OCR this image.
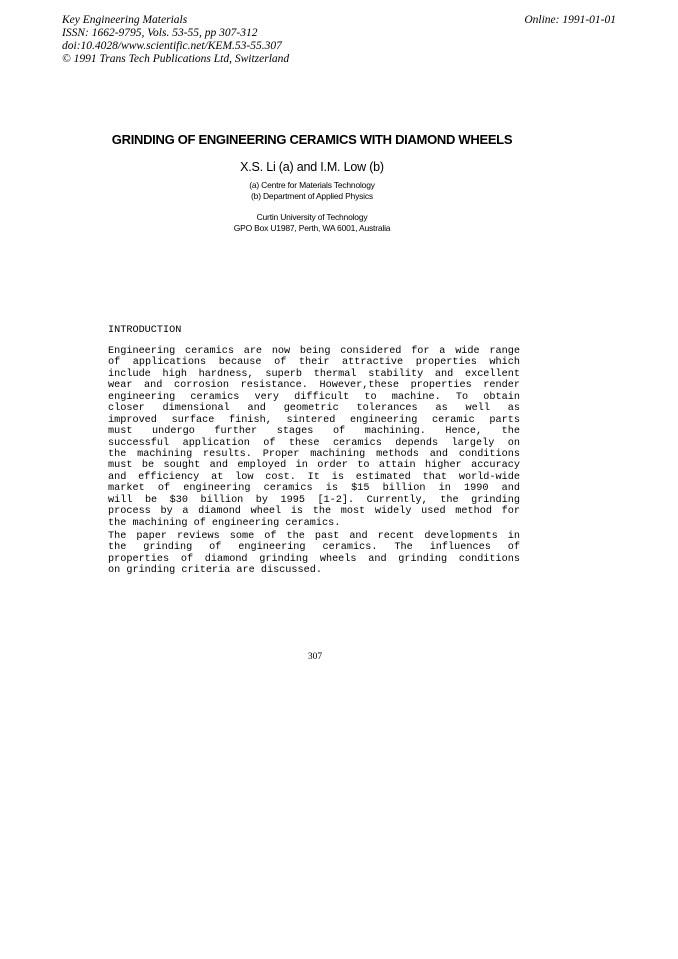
Key Engineering Materials
ISSN: 1662-9795, Vols. 53-55, pp 307-312
doi:10.4028/www.scientific.net/KEM.53-55.307
© 1991 Trans Tech Publications Ltd, Switzerland
Online: 1991-01-01
GRINDING OF ENGINEERING CERAMICS WITH DIAMOND WHEELS
X.S. Li (a) and I.M. Low (b)
(a) Centre for Materials Technology
(b) Department of Applied Physics
Curtin University of Technology
GPO Box U1987, Perth, WA 6001, Australia
INTRODUCTION
Engineering ceramics are now being considered for a wide range
of applications because of their attractive properties which
include high hardness, superb thermal stability and excellent
wear and corrosion resistance. However,these properties render
engineering ceramics very difficult to machine. To obtain
closer dimensional and geometric tolerances as well as
improved surface finish, sintered engineering ceramic parts
must undergo further stages of machining. Hence, the
successful application of these ceramics depends largely on
the machining results. Proper machining methods and conditions
must be sought and employed in order to attain higher accuracy
and efficiency at low cost. It is estimated that world-wide
market of engineering ceramics is $15 billion in 1990 and
will be $30 billion by 1995 [1-2]. Currently, the grinding
process by a diamond wheel is the most widely used method for
the machining of engineering ceramics.
The paper reviews some of the past and recent developments in
the grinding of engineering ceramics. The influences of
properties of diamond grinding wheels and grinding conditions
on grinding criteria are discussed.
307
